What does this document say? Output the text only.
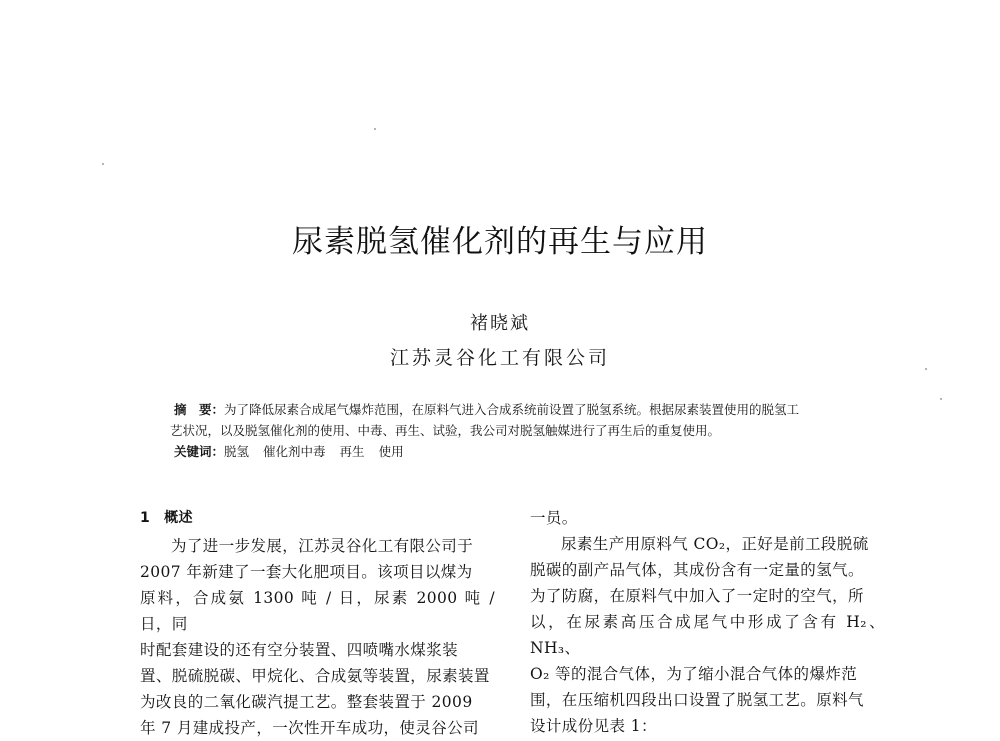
尿素脱氢催化剂的再生与应用
褚晓斌
江苏灵谷化工有限公司

摘　要：为了降低尿素合成尾气爆炸范围，在原料气进入合成系统前设置了脱氢系统。根据尿素装置使用的脱氢工

艺状况，以及脱氢催化剂的使用、中毒、再生、试验，我公司对脱氢触媒进行了再生后的重复使用。

关键词：脱氢 催化剂中毒 再生 使用

1 概述

为了进一步发展，江苏灵谷化工有限公司于

2007 年新建了一套大化肥项目。该项目以煤为

原料，合成氨 1300 吨 / 日，尿素 2000 吨 / 日，同

时配套建设的还有空分装置、四喷嘴水煤浆装

置、脱硫脱碳、甲烷化、合成氨等装置，尿素装置

为改良的二氧化碳汽提工艺。整套装置于 2009

年 7 月建成投产，一次性开车成功，使灵谷公司

一员。

尿素生产用原料气 CO₂，正好是前工段脱硫

脱碳的副产品气体，其成份含有一定量的氢气。

为了防腐，在原料气中加入了一定时的空气，所

以，在尿素高压合成尾气中形成了含有 H₂、NH₃、

O₂ 等的混合气体，为了缩小混合气体的爆炸范

围，在压缩机四段出口设置了脱氢工艺。原料气

设计成份见表 1：
